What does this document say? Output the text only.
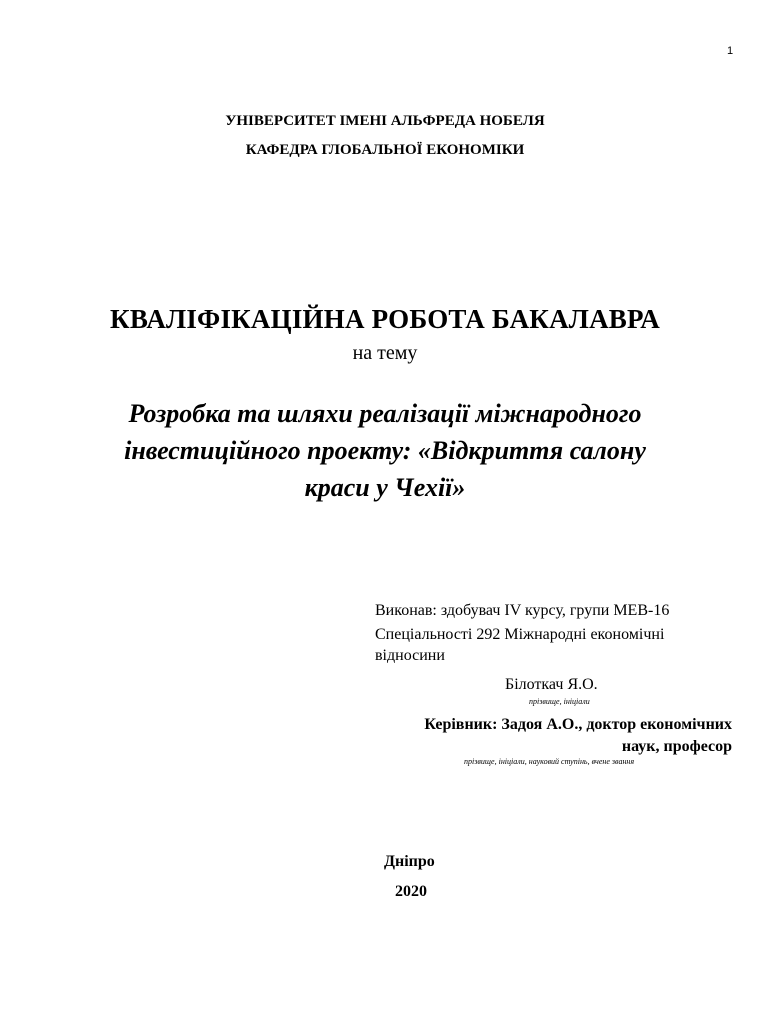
1

УНІВЕРСИТЕТ ІМЕНІ АЛЬФРЕДА НОБЕЛЯ

КАФЕДРА ГЛОБАЛЬНОЇ ЕКОНОМІКИ

КВАЛІФІКАЦІЙНА РОБОТА БАКАЛАВРА

на тему

Розробка та шляхи реалізації міжнародного

інвестиційного проекту: «Відкриття салону

краси у Чехії»

Виконав: здобувач IV курсу, групи МЕВ-16

Спеціальності 292 Міжнародні економічні

відносини

Білоткач Я.О.

прізвище, ініціали

Керівник: Задоя А.О., доктор економічних

наук, професор

прізвище, ініціали, науковий ступінь, вчене звання

Дніпро

2020
